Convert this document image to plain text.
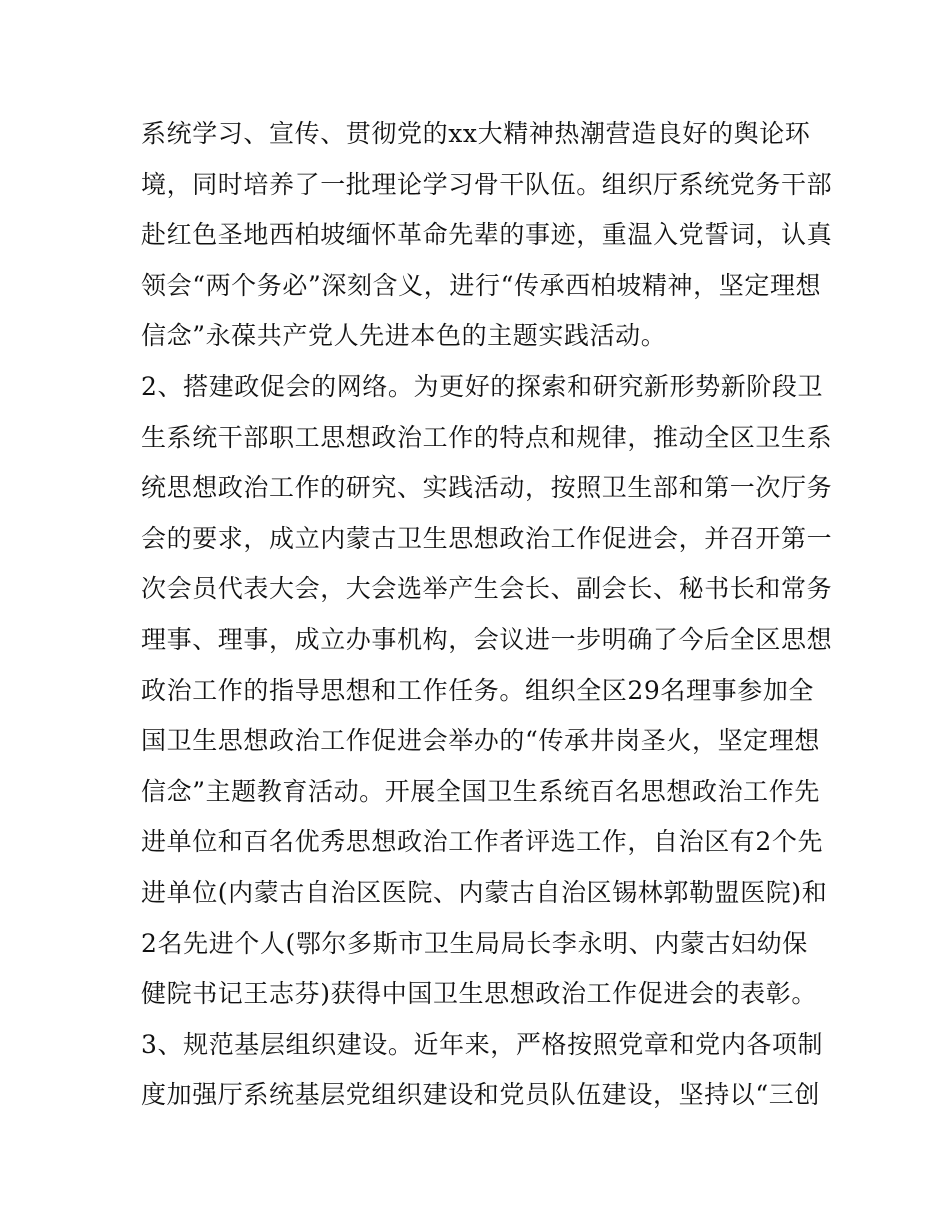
系统学习、宣传、贯彻党的xx大精神热潮营造良好的舆论环
境，同时培养了一批理论学习骨干队伍。组织厅系统党务干部
赴红色圣地西柏坡缅怀革命先辈的事迹，重温入党誓词，认真
领会“两个务必”深刻含义，进行“传承西柏坡精神，坚定理想
信念”永葆共产党人先进本色的主题实践活动。
2、搭建政促会的网络。为更好的探索和研究新形势新阶段卫
生系统干部职工思想政治工作的特点和规律，推动全区卫生系
统思想政治工作的研究、实践活动，按照卫生部和第一次厅务
会的要求，成立内蒙古卫生思想政治工作促进会，并召开第一
次会员代表大会，大会选举产生会长、副会长、秘书长和常务
理事、理事，成立办事机构，会议进一步明确了今后全区思想
政治工作的指导思想和工作任务。组织全区29名理事参加全
国卫生思想政治工作促进会举办的“传承井岗圣火，坚定理想
信念”主题教育活动。开展全国卫生系统百名思想政治工作先
进单位和百名优秀思想政治工作者评选工作，自治区有2个先
进单位(内蒙古自治区医院、内蒙古自治区锡林郭勒盟医院)和
2名先进个人(鄂尔多斯市卫生局局长李永明、内蒙古妇幼保
健院书记王志芬)获得中国卫生思想政治工作促进会的表彰。
3、规范基层组织建设。近年来，严格按照党章和党内各项制
度加强厅系统基层党组织建设和党员队伍建设，坚持以“三创
